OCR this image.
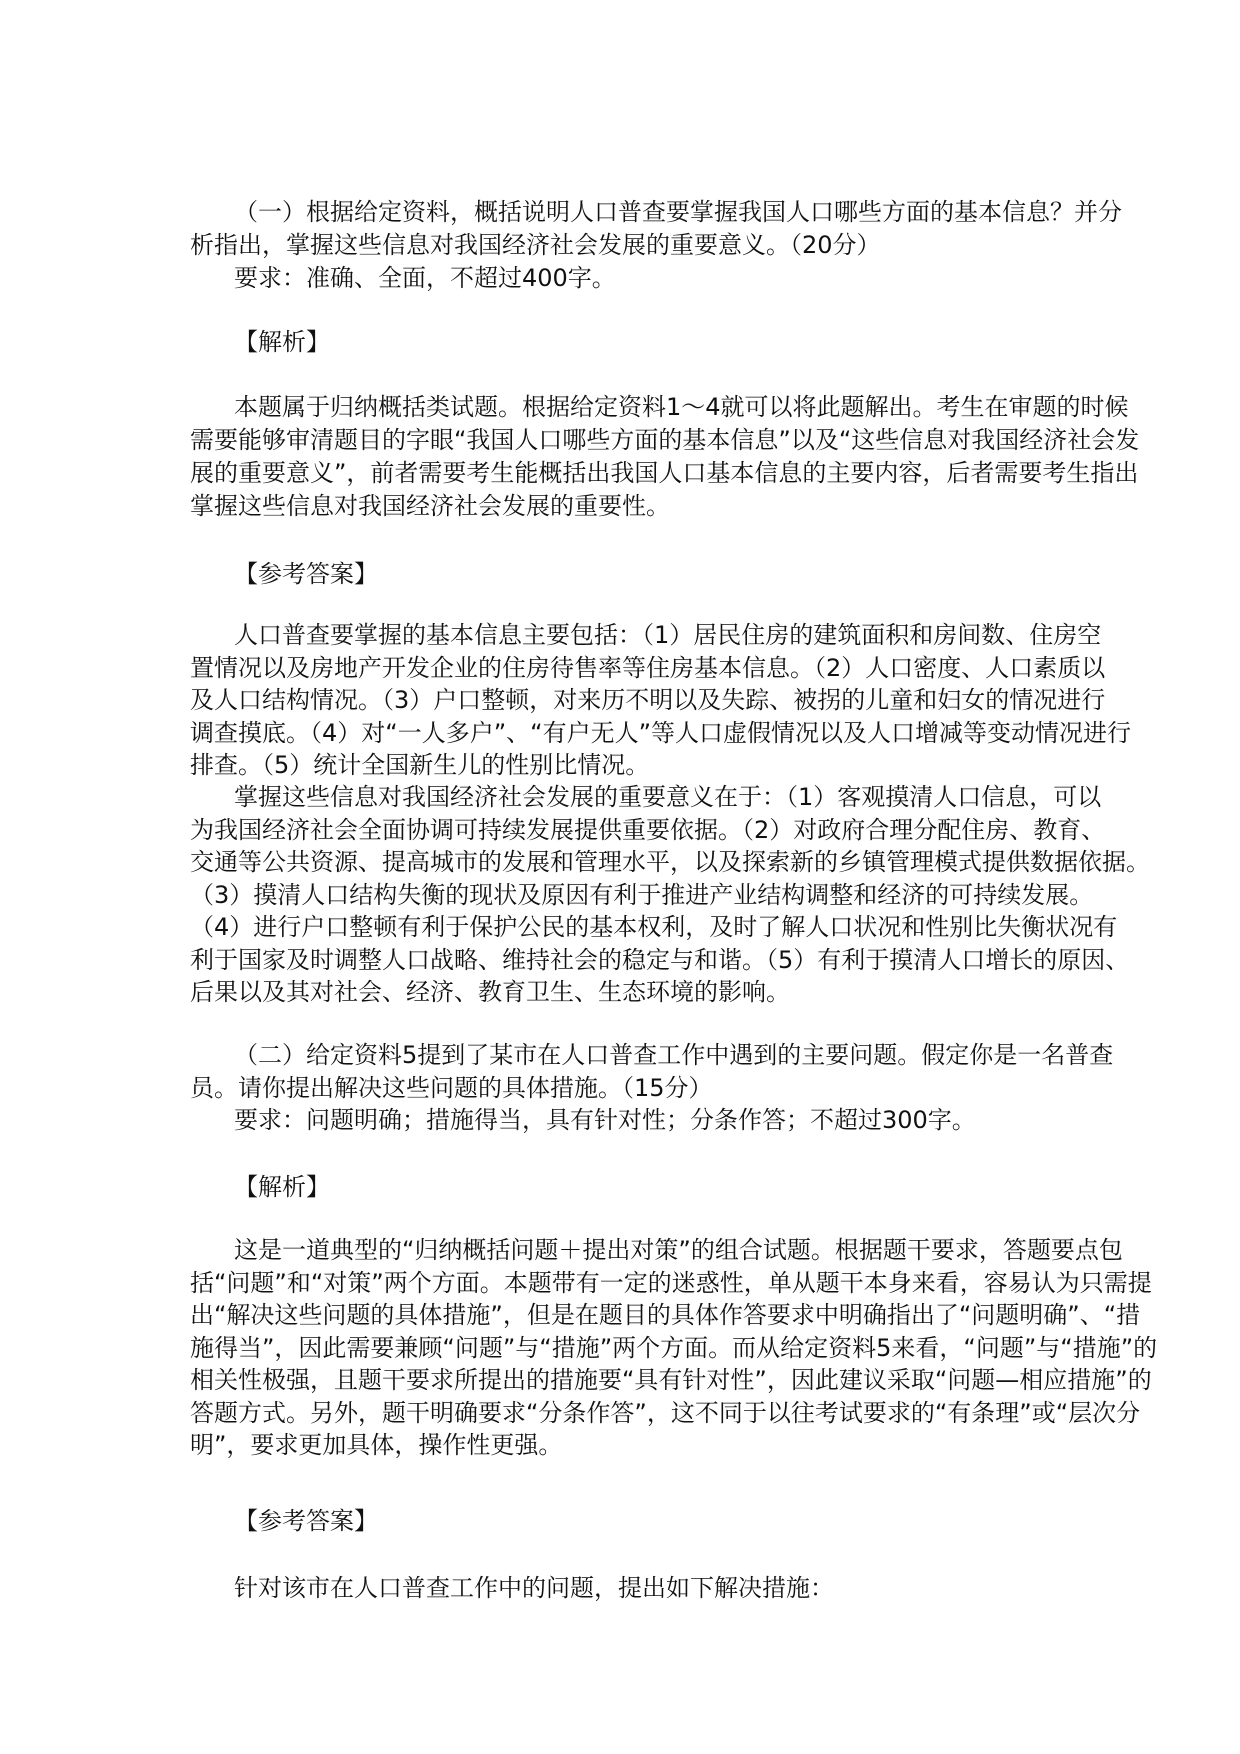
（一）根据给定资料，概括说明人口普查要掌握我国人口哪些方面的基本信息？并分
析指出，掌握这些信息对我国经济社会发展的重要意义。（20分）
要求：准确、全面，不超过400字。
【解析】
本题属于归纳概括类试题。根据给定资料1～4就可以将此题解出。考生在审题的时候
需要能够审清题目的字眼“我国人口哪些方面的基本信息”以及“这些信息对我国经济社会发
展的重要意义”，前者需要考生能概括出我国人口基本信息的主要内容，后者需要考生指出
掌握这些信息对我国经济社会发展的重要性。
【参考答案】
人口普查要掌握的基本信息主要包括：（1）居民住房的建筑面积和房间数、住房空
置情况以及房地产开发企业的住房待售率等住房基本信息。（2）人口密度、人口素质以
及人口结构情况。（3）户口整顿，对来历不明以及失踪、被拐的儿童和妇女的情况进行
调查摸底。（4）对“一人多户”、“有户无人”等人口虚假情况以及人口增减等变动情况进行
排查。（5）统计全国新生儿的性别比情况。
掌握这些信息对我国经济社会发展的重要意义在于：（1）客观摸清人口信息，可以
为我国经济社会全面协调可持续发展提供重要依据。（2）对政府合理分配住房、教育、
交通等公共资源、提高城市的发展和管理水平，以及探索新的乡镇管理模式提供数据依据。
（3）摸清人口结构失衡的现状及原因有利于推进产业结构调整和经济的可持续发展。
（4）进行户口整顿有利于保护公民的基本权利，及时了解人口状况和性别比失衡状况有
利于国家及时调整人口战略、维持社会的稳定与和谐。（5）有利于摸清人口增长的原因、
后果以及其对社会、经济、教育卫生、生态环境的影响。
（二）给定资料5提到了某市在人口普查工作中遇到的主要问题。假定你是一名普查
员。请你提出解决这些问题的具体措施。（15分）
要求：问题明确；措施得当，具有针对性；分条作答；不超过300字。
【解析】
这是一道典型的“归纳概括问题＋提出对策”的组合试题。根据题干要求，答题要点包
括“问题”和“对策”两个方面。本题带有一定的迷惑性，单从题干本身来看，容易认为只需提
出“解决这些问题的具体措施”，但是在题目的具体作答要求中明确指出了“问题明确”、“措
施得当”，因此需要兼顾“问题”与“措施”两个方面。而从给定资料5来看，“问题”与“措施”的
相关性极强，且题干要求所提出的措施要“具有针对性”，因此建议采取“问题—相应措施”的
答题方式。另外，题干明确要求“分条作答”，这不同于以往考试要求的“有条理”或“层次分
明”，要求更加具体，操作性更强。
【参考答案】
针对该市在人口普查工作中的问题，提出如下解决措施：
